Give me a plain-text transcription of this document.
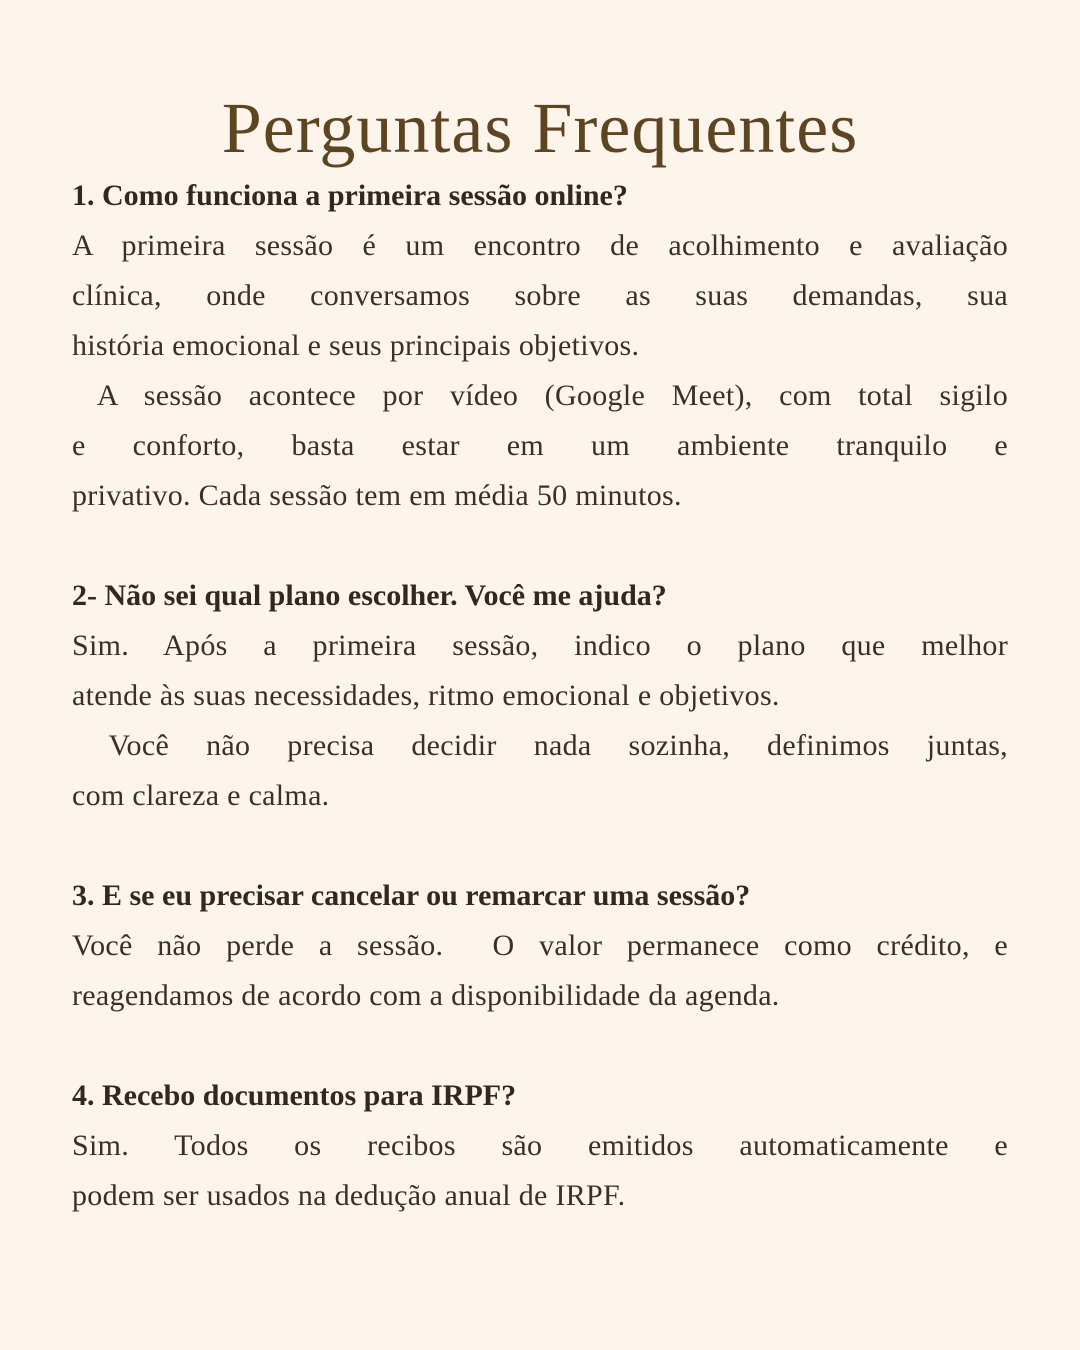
Perguntas Frequentes
1. Como funciona a primeira sessão online?
A primeira sessão é um encontro de acolhimento e avaliação
clínica, onde conversamos sobre as suas demandas, sua
história emocional e seus principais objetivos.
A sessão acontece por vídeo (Google Meet), com total sigilo
e conforto, basta estar em um ambiente tranquilo e
privativo. Cada sessão tem em média 50 minutos.
2- Não sei qual plano escolher. Você me ajuda?
Sim. Após a primeira sessão, indico o plano que melhor
atende às suas necessidades, ritmo emocional e objetivos.
Você não precisa decidir nada sozinha, definimos juntas,
com clareza e calma.
3. E se eu precisar cancelar ou remarcar uma sessão?
Você não perde a sessão.  O valor permanece como crédito, e
reagendamos de acordo com a disponibilidade da agenda.
4. Recebo documentos para IRPF?
Sim. Todos os recibos são emitidos automaticamente e
podem ser usados na dedução anual de IRPF.
